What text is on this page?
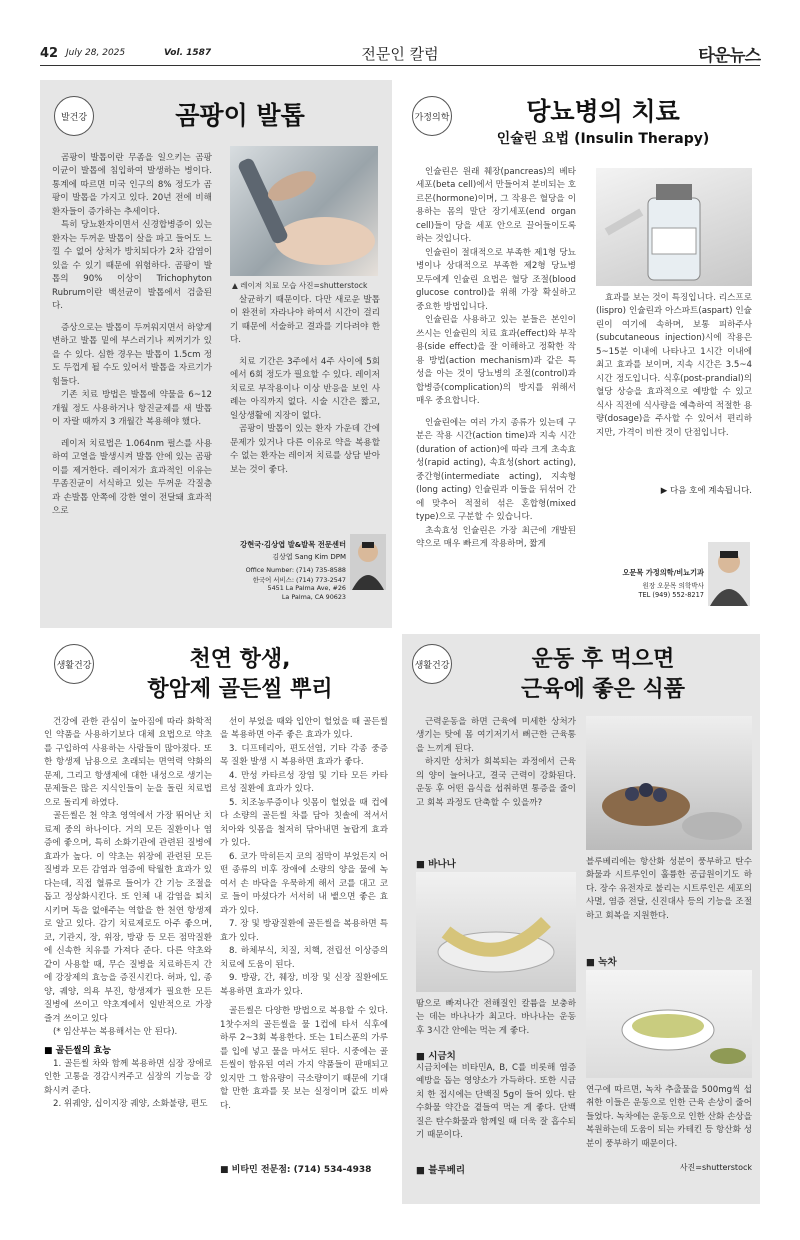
42 July 28, 2025	Vol. 1587	전문인 칼럼	타운뉴스
발건강	곰팡이 발톱

곰팡이 발톱이란 무좀을 일으키는 곰팡이균이 발톱에 침입하여 발생하는 병이다. 통계에 따르면 미국 인구의 8% 정도가 곰팡이 발톱을 가지고 있다. 20년 전에 비해 환자들이 증가하는 추세이다.

특히 당뇨환자이면서 신경합병증이 있는 환자는 두꺼운 발톱이 살을 파고 들어도 느낄 수 없어 상처가 방치되다가 2차 감염이 있을 수 있기 때문에 위험하다. 곰팡이 발톱의 90% 이상이 Trichophyton Rubrum이란 백선균이 발톱에서 검출된다.

증상으로는 발톱이 두꺼워지면서 하얗게 변하고 발톱 밑에 부스러기나 찌꺼기가 있을 수 있다. 심한 경우는 발톱이 1.5cm 정도 두껍게 될 수도 있어서 발톱을 자르기가 힘들다.

기존 치료 방법은 발톱에 약물을 6~12개월 정도 사용하거나 항진균제를 새 발톱이 자랄 때까지 3 개월간 복용해야 했다.

레이저 치료법은 1.064nm 펄스를 사용하여 고열을 발생시켜 발톱 안에 있는 곰팡이를 제거한다. 레이저가 효과적인 이유는 무좀진균이 서식하고 있는 두꺼운 각질층과 손발톱 안쪽에 강한 열이 전달돼 효과적으로

▲ 레이저 치료 모습 사진=shutterstock

살균하기 때문이다. 다만 새로운 발톱이 완전히 자라나야 하여서 시간이 걸리기 때문에 서술하고 결과를 기다려야 한다.

치료 기간은 3주에서 4주 사이에 5회에서 6회 정도가 필요할 수 있다. 레이저 치료로 부작용이나 이상 반응을 보인 사례는 아직까지 없다. 시술 시간은 짧고, 일상생활에 지장이 없다.

곰팡이 발톱이 있는 환자 가운데 간에 문제가 있거나 다른 이유로 약을 복용할 수 없는 환자는 레이저 치료를 상담 받아 보는 것이 좋다.

강현국·김상엽 발&발목 전문센터
김상엽 Sang Kim DPM
Office Number: (714) 735-8588
한국어 서비스: (714) 773-2547
5451 La Palma Ave, #26
La Palma, CA 90623
가정의학	당뇨병의 치료
인슐린 요법 (Insulin Therapy)

인슐린은 원래 췌장(pancreas)의 베타세포(beta cell)에서 만들어져 분비되는 호르몬(hormone)이며, 그 작용은 혈당을 이용하는 몸의 말단 장기세포(end organ cell)들이 당을 세포 안으로 끌어들이도록 하는 것입니다.

인슐린이 절대적으로 부족한 제1형 당뇨병이나 상대적으로 부족한 제2형 당뇨병 모두에게 인슐린 요법은 혈당 조절(blood glucose control)을 위해 가장 확실하고 중요한 방법입니다.

인슐린을 사용하고 있는 분들은 본인이 쓰시는 인슐린의 치료 효과(effect)와 부작용(side effect)을 잘 이해하고 정확한 작용 방법(action mechanism)과 같은 특성을 아는 것이 당뇨병의 조절(control)과 합병증(complication)의 방지를 위해서 매우 중요합니다.

인슐린에는 여러 가지 종류가 있는데 구분은 작용 시간(action time)과 지속 시간(duration of action)에 따라 크게 초속효성(rapid acting), 속효성(short acting), 중간형(intermediate acting), 지속형(long acting) 인슐린과 이들을 뒤섞어 간에 맞추어 적절히 섞은 혼합형(mixed type)으로 구분할 수 있습니다.

초속효성 인슐린은 가장 최근에 개발된 약으로 매우 빠르게 작용하며, 짧게

효과를 보는 것이 특징입니다. 리스프로(lispro) 인슐린과 아스파트(aspart) 인슐린이 여기에 속하며, 보통 피하주사(subcutaneous injection)시에 작용은 5~15분 이내에 나타나고 1시간 이내에 최고 효과를 보이며, 지속 시간은 3.5~4시간 정도입니다. 식후(post-prandial)의 혈당 상승을 효과적으로 예방할 수 있고 식사 직전에 식사량을 예측하여 적절한 용량(dosage)을 주사할 수 있어서 편리하지만, 가격이 비싼 것이 단점입니다.

▶ 다음 호에 계속됩니다.
오문목 가정의학/비뇨기과
원장 오문목 의학박사
TEL (949) 552-8217
생활건강	천연 항생,
항암제 골든씰 뿌리

건강에 관한 관심이 높아짐에 따라 화학적인 약품을 사용하기보다 대체 요법으로 약초를 구입하여 사용하는 사람들이 많아졌다. 또한 항생제 남용으로 초래되는 면역력 약화의 문제, 그리고 항생제에 대한 내성으로 생기는 문제들은 많은 지식인들이 눈을 돌린 치료법으로 돌리게 하였다.

골든씰은 천 약초 영역에서 가장 뛰어난 치료제 중의 하나이다. 거의 모든 질환이나 염증에 좋으며, 특히 소화기관에 관련된 질병에 효과가 높다. 이 약초는 위장에 관련된 모든 질병과 모든 감염과 염증에 탁월한 효과가 있다는데, 직접 혈류로 들어가 간 기능 조절을 돕고 정상화시킨다. 또 인체 내 감염을 퇴치시키며 독을 없애주는 역할을 한 천연 항생제로 알고 있다. 감기 치료제로도 아주 좋으며, 코, 기관지, 장, 위장, 방광 등 모든 점막질환에 신속한 치유를 가져다 준다. 다른 약초와 같이 사용할 때, 무슨 질병을 치료하든지 간에 강장제의 효능을 증진시킨다. 허파, 입, 종양, 궤양, 의욕 부진, 항생제가 필요한 모든 질병에 쓰이고 약초계에서 일반적으로 가장 즐겨 쓰이고 있다

(* 임산부는 복용해서는 안 된다).

■ 골든씰의 효능

1. 골든씰 차와 함께 복용하면 심장 장애로 인한 고통을 경감시켜주고 심장의 기능을 강화시켜 준다.

2. 위궤양, 십이지장 궤양, 소화불량, 편도

선이 부었을 때와 입안이 헐었을 때 골든씰을 복용하면 아주 좋은 효과가 있다.

3. 디프테리아, 편도선염, 기타 각종 중증 목 질환 발생 시 복용하면 효과가 좋다.

4. 만성 카타르성 장염 및 기타 모든 카타르성 질환에 효과가 있다.

5. 치조농루증이나 잇몸이 헐었을 때 컵에 다 소량의 골든씰 차를 담아 칫솔에 적셔서 치아와 잇몸을 철저히 닦아내면 놀랍게 효과가 있다.

6. 코가 막히든지 코의 점막이 부었든지 어떤 종류의 비후 장애에 소량의 양을 물에 녹여서 손 바닥을 우묵하게 해서 코를 대고 코로 들이 마셨다가 서서히 내 뱉으면 좋은 효과가 있다.

7. 장 및 방광질환에 골든씰을 복용하면 특효가 있다.

8. 하체부식, 치질, 치핵, 전립선 이상증의 치료에 도움이 된다.

9. 방광, 간, 췌장, 비장 및 신장 질환에도 복용하면 효과가 있다.

골든씰은 다양한 방법으로 복용할 수 있다. 1찻수저의 골든씰을 물 1컵에 타서 식후에 하루 2~3회 복용한다. 또는 1티스푼의 가루를 입에 넣고 물을 마셔도 된다. 시중에는 골든씰이 함유된 여러 가지 약품들이 판매되고 있지만 그 함유량이 극소량이기 때문에 기대할 만한 효과를 못 보는 실정이며 값도 비싸다.

■ 비타민 전문점: (714) 534-4938
생활건강	운동 후 먹으면
근육에 좋은 식품

근력운동을 하면 근육에 미세한 상처가 생기는 탓에 몸 여기저기서 뻐근한 근육통을 느끼게 된다.

하지만 상처가 회복되는 과정에서 근육의 양이 늘어나고, 결국 근력이 강화된다. 운동 후 어떤 음식을 섭취하면 통증을 줄이고 회복 과정도 단축할 수 있을까?

■ 바나나
땀으로 빠져나간 전해질인 칼륨을 보충하는 데는 바나나가 최고다. 바나나는 운동 후 3시간 안에는 먹는 게 좋다.
■ 시금치
시금치에는 비타민A, B, C를 비롯해 염증 예방을 돕는 영양소가 가득하다. 또한 시금치 한 접시에는 단백질 5g이 들어 있다. 탄수화물 약간을 곁들여 먹는 게 좋다. 단백질은 탄수화물과 함께일 때 더욱 잘 흡수되기 때문이다.
■ 블루베리
블루베리에는 항산화 성분이 풍부하고 탄수화물과 시트루인이 훌륭한 공급원이기도 하다. 장수 유전자로 불리는 시트루인은 세포의 사멸, 염증 전달, 신진대사 등의 기능을 조절하고 회복을 지원한다.
■ 녹차
연구에 따르면, 녹차 추출물을 500mg씩 섭취한 이들은 운동으로 인한 근육 손상이 줄어들었다. 녹차에는 운동으로 인한 산화 손상을 복원하는데 도움이 되는 카테킨 등 항산화 성분이 풍부하기 때문이다.
사진=shutterstock
